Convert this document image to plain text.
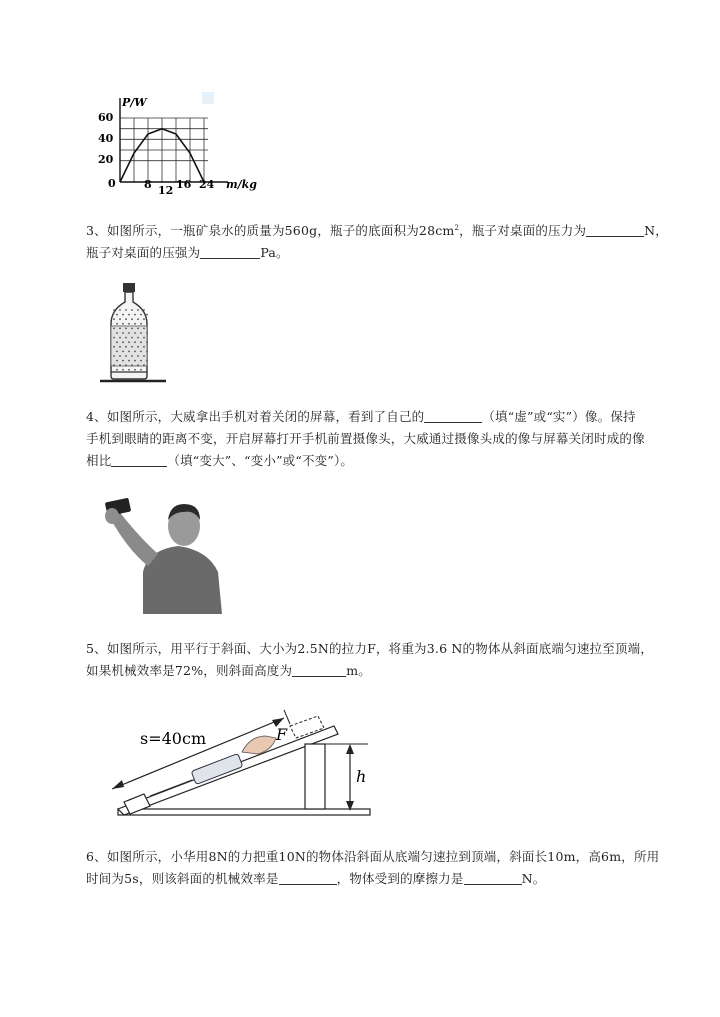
P/W
m/kg
0
60
40
20
8 12 16 24
3、如图所示，一瓶矿泉水的质量为560g，瓶子的底面积为$28cm^2$，瓶子对桌面的压力为	N，
瓶子对桌面的压强为	Pa。
4、如图所示，大威拿出手机对着关闭的屏幕，看到了自己的	（填“虚”或“实”）像。保持
手机到眼睛的距离不变，开启屏幕打开手机前置摄像头，大威通过摄像头成的像与屏幕关闭时成的像
相比	（填“变大”、“变小”或“不变”）。
5、如图所示，用平行于斜面、大小为2.5N的拉力F，将重为3.6 N的物体从斜面底端匀速拉至顶端，
如果机械效率是72%，则斜面高度为	m。
s=40cm	F
h
6、如图所示，小华用8N的力把重10N的物体沿斜面从底端匀速拉到顶端，斜面长10m，高6m，所用
时间为5s，则该斜面的机械效率是	，物体受到的摩擦力是	N。
